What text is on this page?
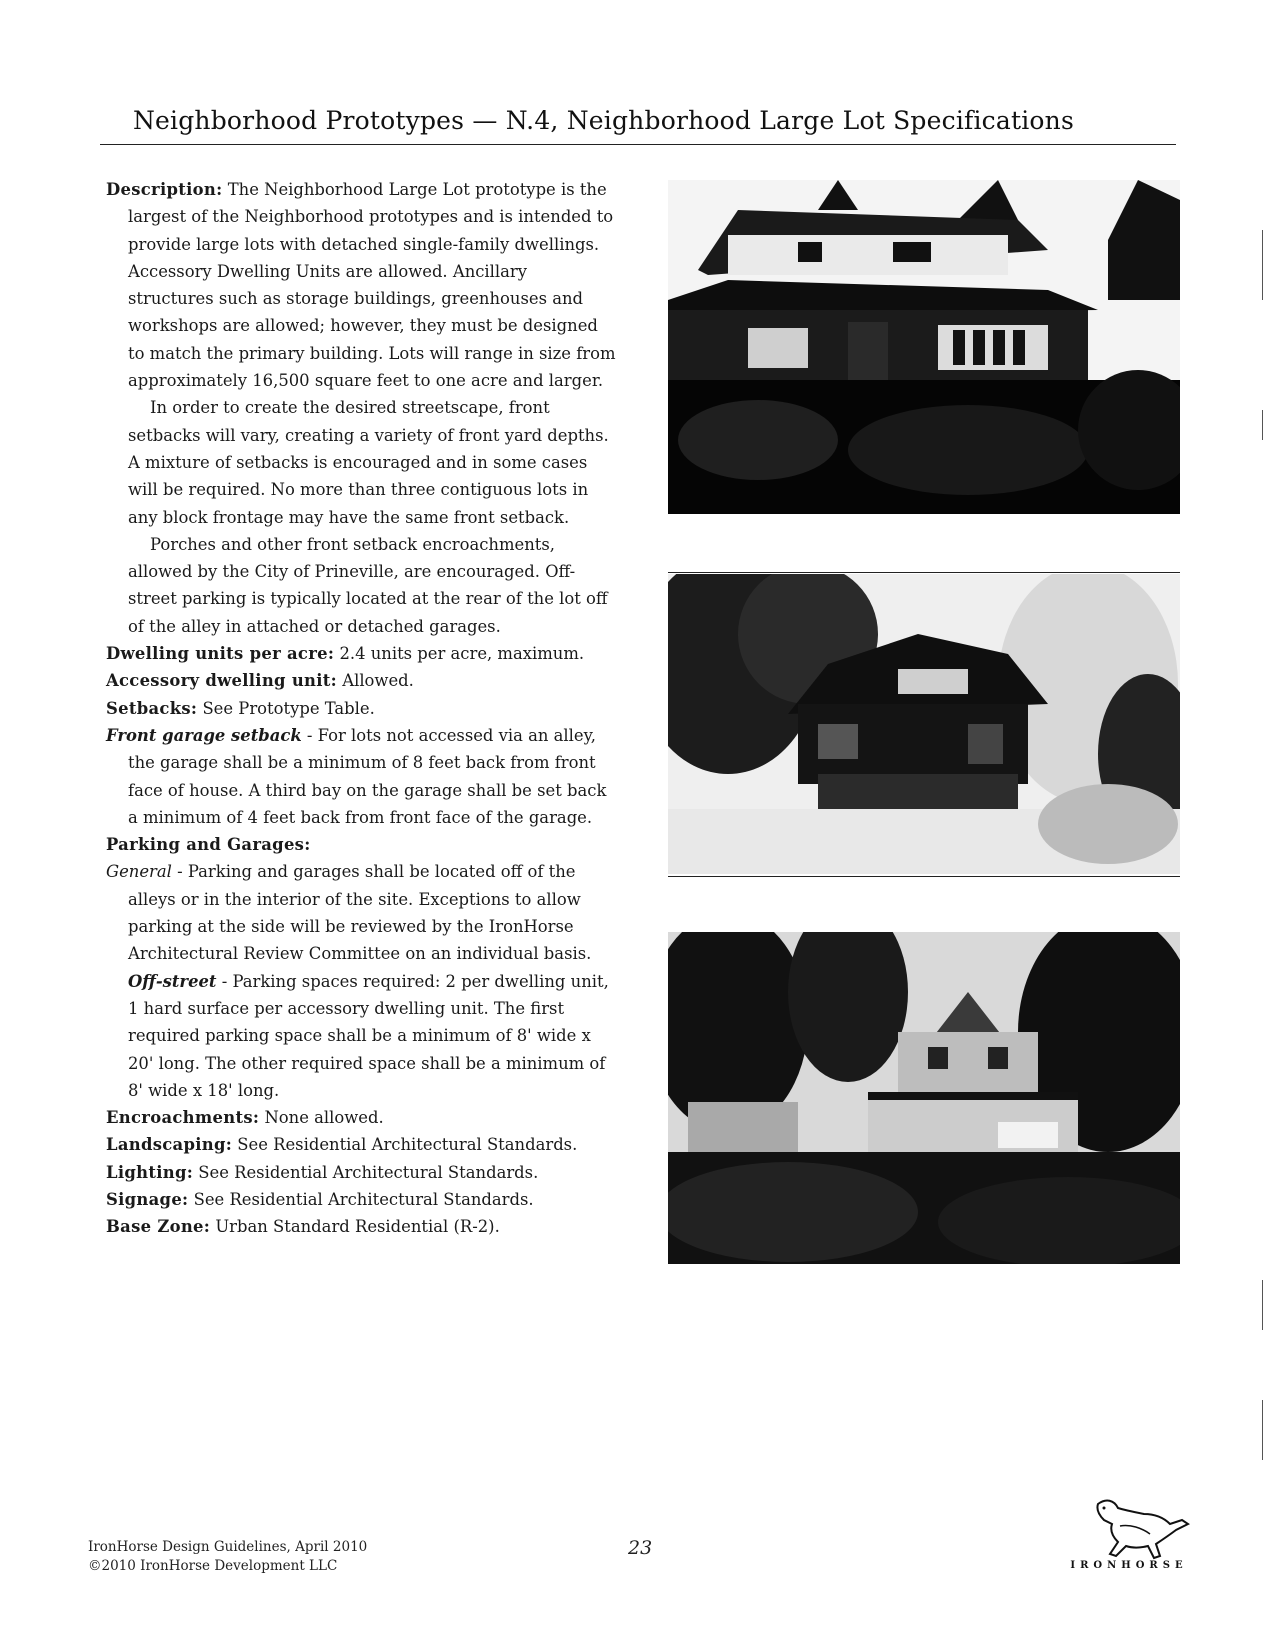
Neighborhood Prototypes — N.4, Neighborhood Large Lot Specifications

Description: The Neighborhood Large Lot prototype is the largest of the Neighborhood prototypes and is intended to provide large lots with detached single-family dwellings. Accessory Dwelling Units are allowed. Ancillary structures such as storage buildings, greenhouses and workshops are allowed; however, they must be designed to match the primary building. Lots will range in size from approximately 16,500 square feet to one acre and larger.

In order to create the desired streetscape, front setbacks will vary, creating a variety of front yard depths. A mixture of setbacks is encouraged and in some cases will be required. No more than three contiguous lots in any block frontage may have the same front setback.

Porches and other front setback encroachments, allowed by the City of Prineville, are encouraged. Off-street parking is typically located at the rear of the lot off of the alley in attached or detached garages.

Dwelling units per acre: 2.4 units per acre, maximum.

Accessory dwelling unit: Allowed.

Setbacks: See Prototype Table.

Front garage setback - For lots not accessed via an alley, the garage shall be a minimum of 8 feet back from front face of house. A third bay on the garage shall be set back a minimum of 4 feet back from front face of the garage.

Parking and Garages:

General - Parking and garages shall be located off of the alleys or in the interior of the site. Exceptions to allow parking at the side will be reviewed by the IronHorse Architectural Review Committee on an individual basis.

Off-street - Parking spaces required: 2 per dwelling unit, 1 hard surface per accessory dwelling unit. The first required parking space shall be a minimum of 8' wide x 20' long. The other required space shall be a minimum of 8' wide x 18' long.

Encroachments: None allowed.

Landscaping: See Residential Architectural Standards.

Lighting: See Residential Architectural Standards.

Signage: See Residential Architectural Standards.

Base Zone: Urban Standard Residential (R-2).

IronHorse Design Guidelines, April 2010
©2010 IronHorse Development LLC
23
IRONHORSE
